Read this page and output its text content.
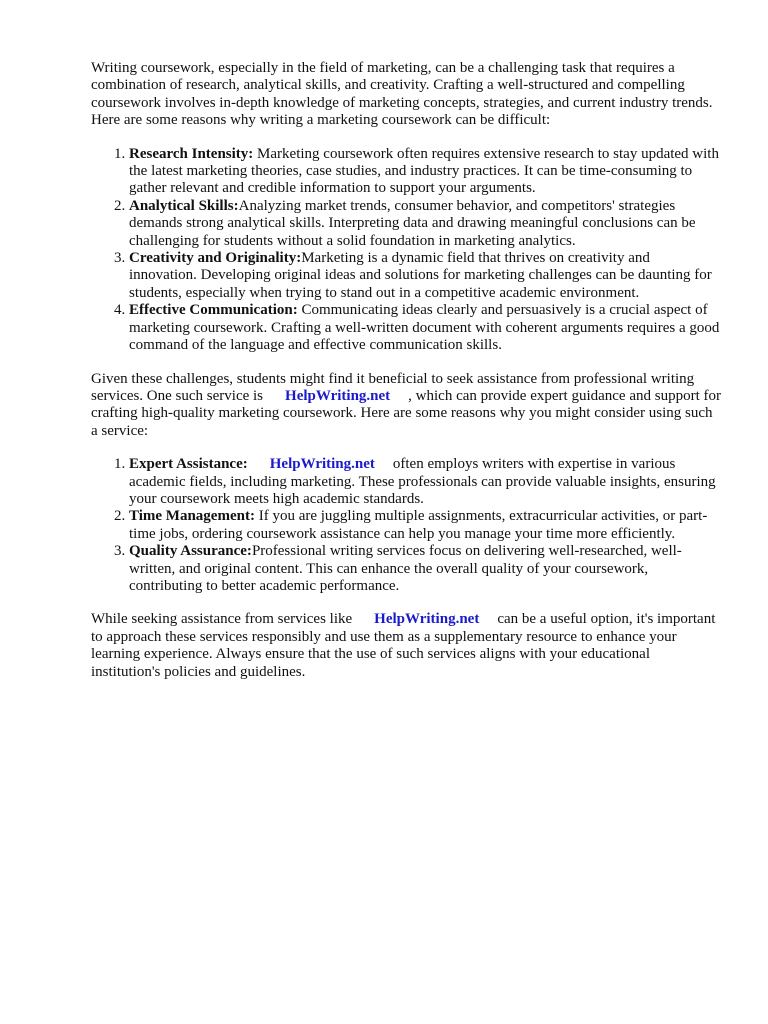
Writing coursework, especially in the field of marketing, can be a challenging task that requires a combination of research, analytical skills, and creativity. Crafting a well-structured and compelling coursework involves in-depth knowledge of marketing concepts, strategies, and current industry trends. Here are some reasons why writing a marketing coursework can be difficult:

1. Research Intensity: Marketing coursework often requires extensive research to stay updated with the latest marketing theories, case studies, and industry practices. It can be time-consuming to gather relevant and credible information to support your arguments.
2. Analytical Skills:Analyzing market trends, consumer behavior, and competitors' strategies demands strong analytical skills. Interpreting data and drawing meaningful conclusions can be challenging for students without a solid foundation in marketing analytics.
3. Creativity and Originality:Marketing is a dynamic field that thrives on creativity and innovation. Developing original ideas and solutions for marketing challenges can be daunting for students, especially when trying to stand out in a competitive academic environment.
4. Effective Communication: Communicating ideas clearly and persuasively is a crucial aspect of marketing coursework. Crafting a well-written document with coherent arguments requires a good command of the language and effective communication skills.

Given these challenges, students might find it beneficial to seek assistance from professional writing services. One such service is HelpWriting.net , which can provide expert guidance and support for crafting high-quality marketing coursework. Here are some reasons why you might consider using such a service:

1. Expert Assistance: HelpWriting.net often employs writers with expertise in various academic fields, including marketing. These professionals can provide valuable insights, ensuring your coursework meets high academic standards.
2. Time Management: If you are juggling multiple assignments, extracurricular activities, or part-time jobs, ordering coursework assistance can help you manage your time more efficiently.
3. Quality Assurance:Professional writing services focus on delivering well-researched, well-written, and original content. This can enhance the overall quality of your coursework, contributing to better academic performance.

While seeking assistance from services like HelpWriting.net can be a useful option, it's important to approach these services responsibly and use them as a supplementary resource to enhance your learning experience. Always ensure that the use of such services aligns with your educational institution's policies and guidelines.
